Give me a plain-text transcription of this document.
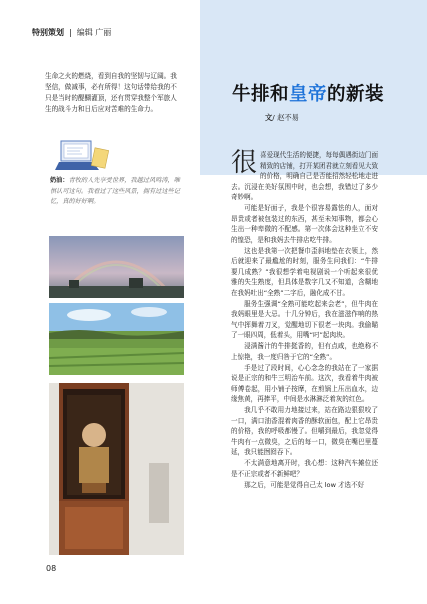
特别策划 | 编辑 广丽

生命之火的燃烧，看到自我的坚韧与辽阔。我坚信，做减事，必有所得！这句话带给我的不只是当时的醍醐灌顶，还有贯穿我整个军旅人生的战斗力和日后应对苦难的生命力。

奶油：青牧的人先享受世界，我越过风鸣涛，唯惧认可这句。我看过了这些风景，拥有过这些记忆，真的好好啊。
08
牛排和皇帝的新装
文/ 赵不易

很喜爱现代生活的便捷，每每偶遇街边门面精致的店铺，打开某团君就立刻看见大致的价格，明确自己是否能招然轻松地走进去。沉浸在美好氛围中时，也会想，我错过了多少奇妙啊。

可能是好面子，我是个很容易露怯的人，面对昂贵或者被包装过的东西，甚至未知事物，都会心生出一种卑微的不配感。第一次体会这种坐立不安的惶恐，是和我妈去牛排店吃牛排。

这也是我第一次把餐巾歪斜地垫在衣领上，然后就迎来了最尴尬的时刻，服务生问我们：“牛排要几成熟？”我很想学着电视剧说一个听起来很优雅的失生熟度，但具体是数字几又不知道，含糊地在我妈吐出“全熟”二字后，融化成不甘。

服务生强调“全熟可能吃起来会老”，但牛肉在我妈眼里是大忌。十几分钟后，我在滋滋作响的热气中挥舞着刀叉，觉醒地切下很老一块肉。我偷瞄了一眼四周，低着头，用嘴“叼”起肉块。

浸满酱汁的牛排挺香的，但有点咸，也绝称不上惊艳，我一度归咎于它的“全熟”。

手是过了段时间，心心念念的我站在了一家据说是正宗的和牛三明治车前。这次，我看着牛肉被师傅卷起，用小铺子按摩，在煎锅上压出血水，边缘焦黄，再捧平，中间是水淋淋泛着灰的红色。

我几乎不敢用力地接过来，站在路边狠狠咬了一口，满口油香混着肉香的酥软面包，配上它昂贵的价格，我的呼吸都慢了。但嚼到最后，我忽觉得牛肉有一点微臭，之后的每一口，微臭在嘴巴里蔓延，我只能囫囵吞下。

不太满意地离开时，我心想：这种汽车摊位还是不正宗或者不新鲜吧？

那之后，可能是觉得自己太 low 才选不好
